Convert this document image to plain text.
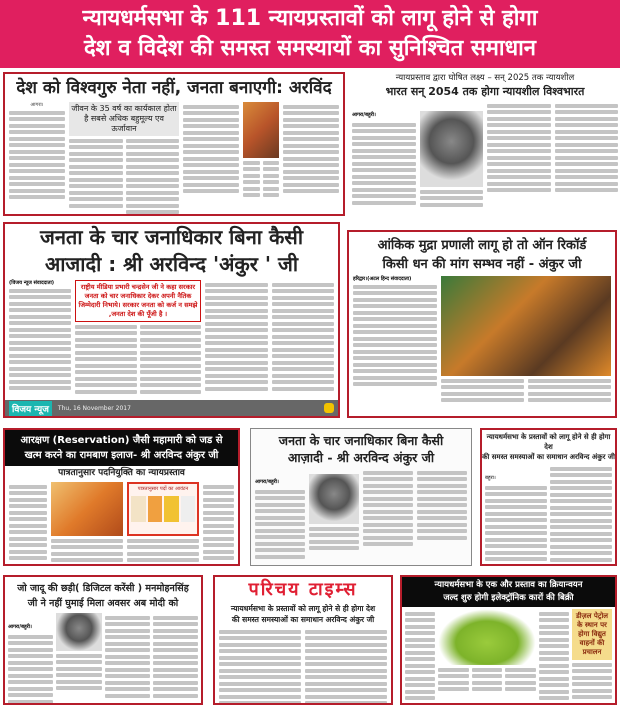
न्यायधर्मसभा के 111 न्यायप्रस्तावों को लागू होने से होगा
देश व विदेश की समस्त समस्यायों का सुनिश्चित समाधान
देश को विश्वगुरु नेता नहीं, जनता बनाएगी: अरविंद
आगरा।	जीवन के 35 वर्ष का कार्यकाल होता है सबसे अधिक बहुमूल्य एव ऊर्जावान
न्यायप्रस्ताव द्वारा घोषित लक्ष्य – सन् 2025 तक न्यायशील
भारत सन् 2054 तक होगा न्यायशील विश्वभारत
आगरा/बहुरी।
जनता के चार जनाधिकार बिना कैसी
आजादी : श्री अरविन्द 'अंकुर ' जी
(विजय न्यूज संवाददाता)	राष्ट्रीय मीडिया प्रभारी चन्द्रसेन जी ने कहा सरकार जनता को चार जनाधिकार देकर अपनी नैतिक जिम्मेदारी निभाये। सरकार जनता को कर्ज न समझे ,जनता देश की पूँजी है ।
विजय न्यूज	Thu, 16 November 2017
आंकिक मुद्रा प्रणाली लागू हो तो ऑन रिकॉर्ड
किसी धन की मांग सम्भव नहीं - अंकुर जी
हरिद्वार।(अटल हिन्द संवाददाता)
आरक्षण (Reservation) जैसी महामारी को जड से
खत्म करने का रामबाण इलाज- श्री अरविन्द अंकुर जी
पात्रतानुसार पदनियुक्ति का न्यायप्रस्ताव
पात्रतानुसार पदों का आवंटन
जनता के चार जनाधिकार बिना कैसी
आज़ादी - श्री अरविन्द अंकुर जी
आगरा/बहुरी।
न्यायधर्मसभा के प्रस्तावों को लागू होने से ही होगा देश
की समस्त समस्याओं का समाधान अरविन्द अंकुर जी
बहुरा।
जो जादू की छड़ी( डिजिटल करेंसी ) मनमोहनसिंह
जी ने नहीं घुमाई मिला अवसर अब मोदी को
आगरा/बहुरी।
परिचय टाइम्स
न्यायधर्मसभा के प्रस्तावों को लागू होने से ही होगा देश
की समस्त समस्याओं का समाधान अरविन्द अंकुर जी
न्यायधर्मसभा के एक और प्रस्ताव का क्रियान्वयन
जल्द शुरु होगी इलेक्ट्रॉनिक कारों की बिक्री
डीज़ल पेट्रोल के स्थान पर होगा विद्युत वाहनों की प्रचालन
